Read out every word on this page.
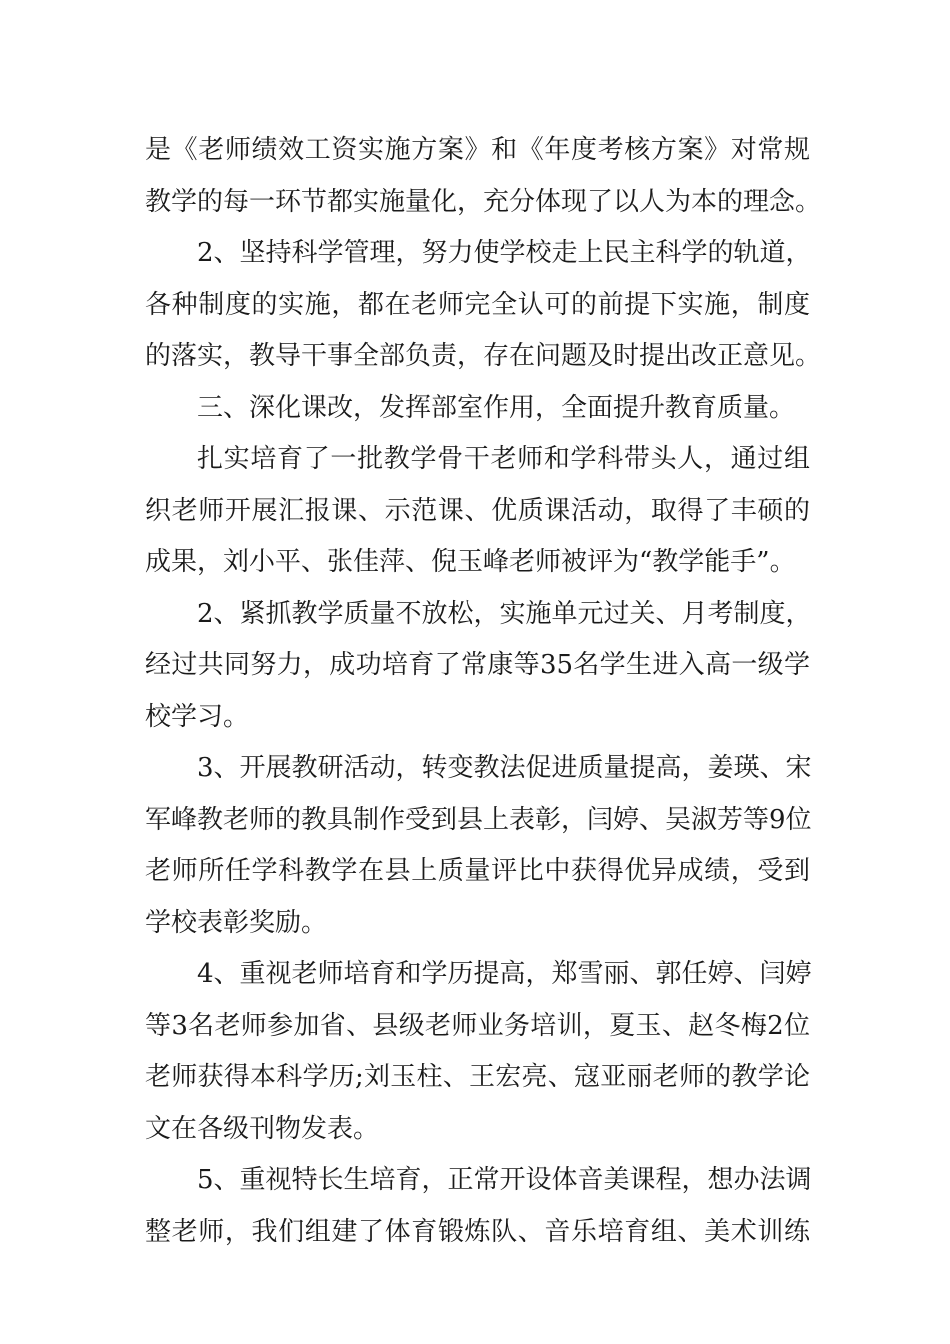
是《老师绩效工资实施方案》和《年度考核方案》对常规
教学的每一环节都实施量化，充分体现了以人为本的理念。
2、坚持科学管理，努力使学校走上民主科学的轨道，
各种制度的实施，都在老师完全认可的前提下实施，制度
的落实，教导干事全部负责，存在问题及时提出改正意见。
三、深化课改，发挥部室作用，全面提升教育质量。
扎实培育了一批教学骨干老师和学科带头人，通过组
织老师开展汇报课、示范课、优质课活动，取得了丰硕的
成果，刘小平、张佳萍、倪玉峰老师被评为“教学能手”。
2、紧抓教学质量不放松，实施单元过关、月考制度，
经过共同努力，成功培育了常康等35名学生进入高一级学
校学习。
3、开展教研活动，转变教法促进质量提高，姜瑛、宋
军峰教老师的教具制作受到县上表彰，闫婷、吴淑芳等9位
老师所任学科教学在县上质量评比中获得优异成绩，受到
学校表彰奖励。
4、重视老师培育和学历提高，郑雪丽、郭任婷、闫婷
等3名老师参加省、县级老师业务培训，夏玉、赵冬梅2位
老师获得本科学历;刘玉柱、王宏亮、寇亚丽老师的教学论
文在各级刊物发表。
5、重视特长生培育，正常开设体音美课程，想办法调
整老师，我们组建了体育锻炼队、音乐培育组、美术训练
